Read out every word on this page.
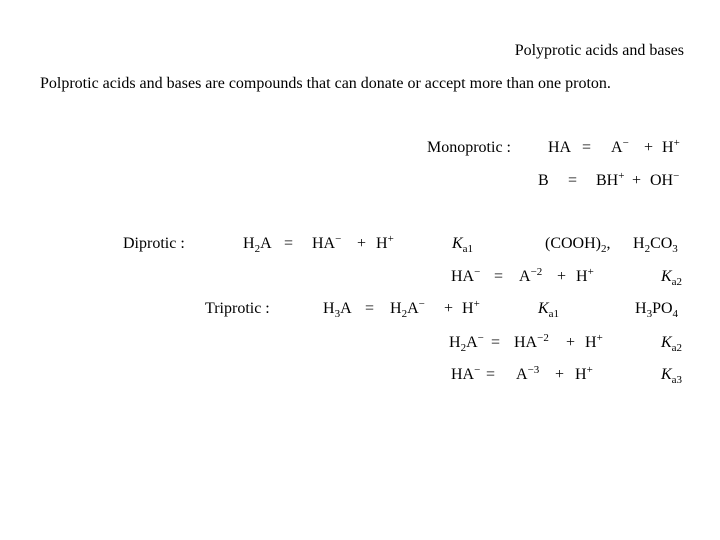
Polyprotic acids and bases
Polprotic acids and bases are compounds that can donate or accept more than one proton.
Monoprotic : HA = A− + H+
B = BH+ + OH−
Diprotic :	$H_2A = HA^- + H^+$	$K_{a1}$	$(COOH)_2$, $H_2CO_3$
$HA^- = A^{-2} + H^+$	$K_{a2}$
Triprotic :	$H_3A = H_2A^- + H^+$	$K_{a1}$	$H_3PO_4$
$H_2A^- = HA^{-2} + H^+$	$K_{a2}$
$HA^- = A^{-3} + H^+$	$K_{a3}$
